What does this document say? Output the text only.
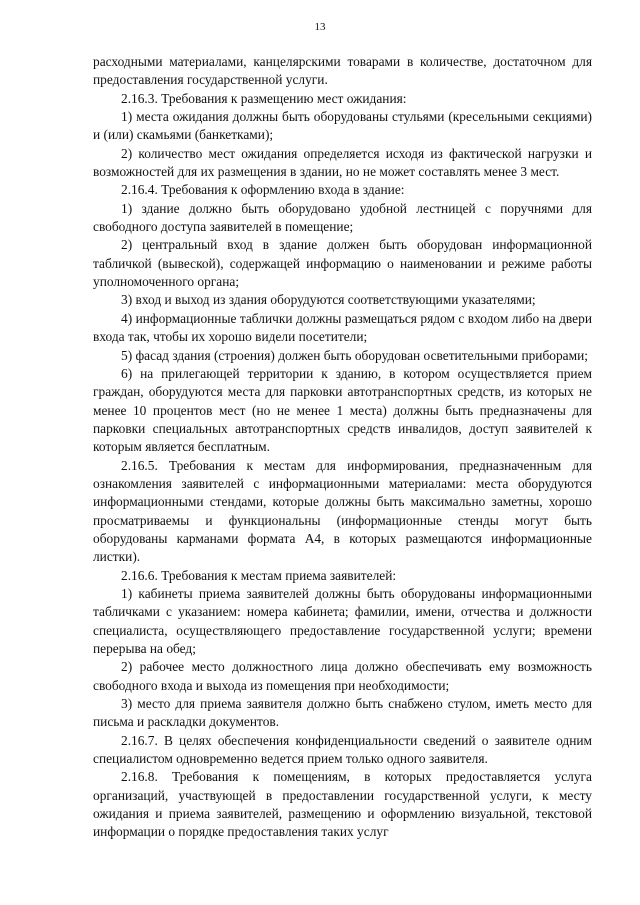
13

расходными материалами, канцелярскими товарами в количестве, достаточном для предоставления государственной услуги.

2.16.3. Требования к размещению мест ожидания:

1) места ожидания должны быть оборудованы стульями (кресельными секциями) и (или) скамьями (банкетками);

2) количество мест ожидания определяется исходя из фактической нагрузки и возможностей для их размещения в здании, но не может составлять менее 3 мест.

2.16.4. Требования к оформлению входа в здание:

1) здание должно быть оборудовано удобной лестницей с поручнями для свободного доступа заявителей в помещение;

2) центральный вход в здание должен быть оборудован информационной табличкой (вывеской), содержащей информацию о наименовании и режиме работы уполномоченного органа;

3) вход и выход из здания оборудуются соответствующими указателями;

4) информационные таблички должны размещаться рядом с входом либо на двери входа так, чтобы их хорошо видели посетители;

5) фасад здания (строения) должен быть оборудован осветительными приборами;

6) на прилегающей территории к зданию, в котором осуществляется прием граждан, оборудуются места для парковки автотранспортных средств, из которых не менее 10 процентов мест (но не менее 1 места) должны быть предназначены для парковки специальных автотранспортных средств инвалидов, доступ заявителей к которым является бесплатным.

2.16.5. Требования к местам для информирования, предназначенным для ознакомления заявителей с информационными материалами: места оборудуются информационными стендами, которые должны быть максимально заметны, хорошо просматриваемы и функциональны (информационные стенды могут быть оборудованы карманами формата А4, в которых размещаются информационные листки).

2.16.6. Требования к местам приема заявителей:

1) кабинеты приема заявителей должны быть оборудованы информационными табличками с указанием: номера кабинета; фамилии, имени, отчества и должности специалиста, осуществляющего предоставление государственной услуги; времени перерыва на обед;

2) рабочее место должностного лица должно обеспечивать ему возможность свободного входа и выхода из помещения при необходимости;

3) место для приема заявителя должно быть снабжено стулом, иметь место для письма и раскладки документов.

2.16.7. В целях обеспечения конфиденциальности сведений о заявителе одним специалистом одновременно ведется прием только одного заявителя.

2.16.8. Требования к помещениям, в которых предоставляется услуга организаций, участвующей в предоставлении государственной услуги, к месту ожидания и приема заявителей, размещению и оформлению визуальной, текстовой информации о порядке предоставления таких услуг
